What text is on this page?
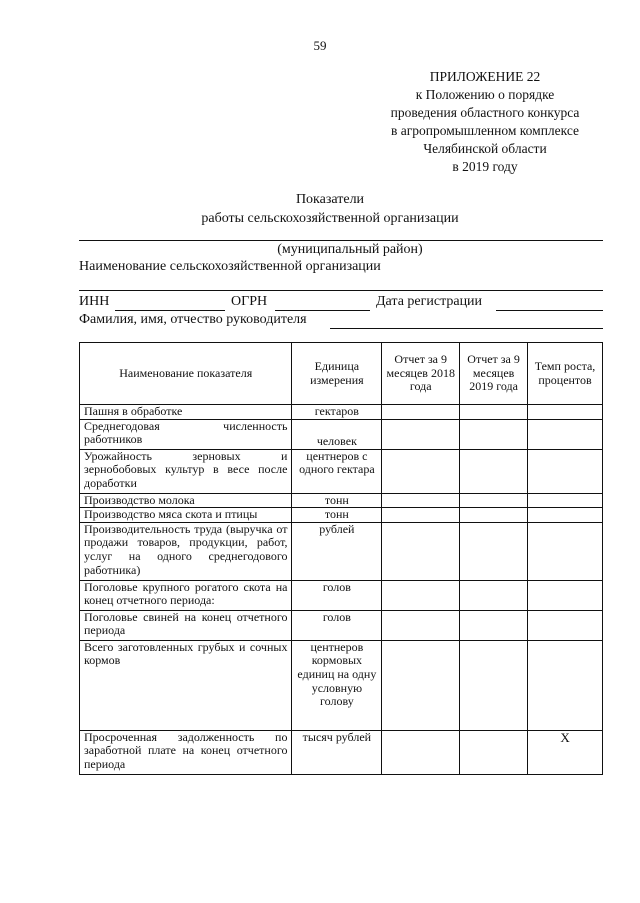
59
ПРИЛОЖЕНИЕ 22
к Положению о порядке
проведения областного конкурса
в агропромышленном комплексе
Челябинской области
в 2019 году
Показатели
работы сельскохозяйственной организации
(муниципальный район)
Наименование сельскохозяйственной организации
ИНН	ОГРН	Дата регистрации
Фамилия, имя, отчество руководителя
Наименование показателя	Единица измерения	Отчет за 9 месяцев 2018 года	Отчет за 9 месяцев 2019 года	Темп роста, процентов
Пашня в обработке	гектаров			
Среднегодовая численность работников	человек			
Урожайность зерновых и зернобобовых культур в весе после доработки	центнеров с одного гектара			
Производство молока	тонн			
Производство мяса скота и птицы	тонн			
Производительность труда (выручка от продажи товаров, продукции, работ, услуг на одного среднегодового работника)	рублей			
Поголовье крупного рогатого скота на конец отчетного периода:	голов			
Поголовье свиней на конец отчетного периода	голов			
Всего заготовленных грубых и сочных кормов	центнеров кормовых единиц на одну условную голову			
Просроченная задолженность по заработной плате на конец отчетного периода	тысяч рублей			X
